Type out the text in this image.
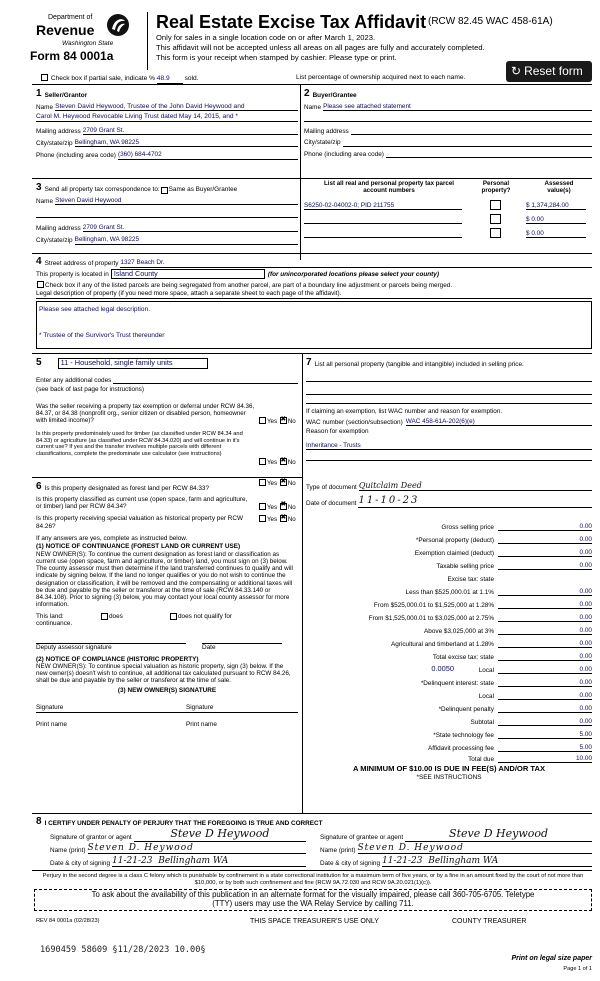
Department of
Revenue
Washington State
Form 84 0001a
Real Estate Excise Tax Affidavit (RCW 82.45 WAC 458-61A)
Only for sales in a single location code on or after March 1, 2023.
This affidavit will not be accepted unless all areas on all pages are fully and accurately completed.
This form is your receipt when stamped by cashier. Please type or print.
↻ Reset form
Check box if partial sale, indicate % 48.9 sold.	List percentage of ownership acquired next to each name.
1 Seller/Grantor
Name Steven David Heywood, Trustee of the John David Heywood and
Carol M. Heywood Revocable Living Trust dated May 14, 2015, and *
Mailing address 2709 Grant St.
City/state/zip Bellingham, WA 98225
Phone (including area code) (360) 684-4702
2 Buyer/Grantee
Name Please see attached statement
Mailing address
City/state/zip
Phone (including area code)
3 Send all property tax correspondence to: Same as Buyer/Grantee
Name Steven David Heywood
Mailing address 2709 Grant St.
City/state/zip Bellingham, WA 98225
List all real and personal property tax parcel account numbers
Personal property?
Assessed value(s)
S6250-02-04002-0; PID 211755	$ 1,374,284.00
$ 0.00
$ 0.00
4 Street address of property 1327 Beach Dr.
This property is located in Island County	(for unincorporated locations please select your county)
Check box if any of the listed parcels are being segregated from another parcel, are part of a boundary line adjustment or parcels being merged.
Legal description of property (if you need more space, attach a separate sheet to each page of the affidavit).
Please see attached legal description.
* Trustee of the Survivor's Trust thereunder
5	11 - Household, single family units
Enter any additional codes
(see back of last page for instructions)
Was the seller receiving a property tax exemption or deferral under RCW 84.36, 84.37, or 84.38 (nonprofit org., senior citizen or disabled person, homeowner with limited income)?	Yes ✖ No
Is this property predominately used for timber (as classified under RCW 84.34 and 84.33) or agriculture (as classified under RCW 84.34.020) and will continue in it's current use? If yes and the transfer involves multiple parcels with different classifications, complete the predominate use calculator (see instructions)
Yes ✖ No
6 Is this property designated as forest land per RCW 84.33?
Yes ✖ No
Is this property classified as current use (open space, farm and agriculture, or timber) land per RCW 84.34?	Yes ✖ No
Is this property receiving special valuation as historical property per RCW 84.26?
Yes ✖ No
If any answers are yes, complete as instructed below.
(1) NOTICE OF CONTINUANCE (FOREST LAND OR CURRENT USE)
NEW OWNER(S): To continue the current designation as forest land or classification as current use (open space, farm and agriculture, or timber) land, you must sign on (3) below. The county assessor must then determine if the land transferred continues to qualify and will indicate by signing below. If the land no longer qualifies or you do not wish to continue the designation or classification, it will be removed and the compensating or additional taxes will be due and payable by the seller or transferor at the time of sale (RCW 84.33.140 or 84.34.108). Prior to signing (3) below, you may contact your local county assessor for more information.
This land:	does	does not qualify for
continuance.
Deputy assessor signature	Date
(2) NOTICE OF COMPLIANCE (HISTORIC PROPERTY)
NEW OWNER(S): To continue special valuation as historic property, sign (3) below. If the new owner(s) doesn't wish to continue, all additional tax calculated pursuant to RCW 84.26, shall be due and payable by the seller or transferor at the time of sale.
(3) NEW OWNER(S) SIGNATURE
Signature	Signature
Print name	Print name
7 List all personal property (tangible and intangible) included in selling price.
If claiming an exemption, list WAC number and reason for exemption.
WAC number (section/subsection) WAC 458-61A-202(6)(e)
Reason for exemption
Inheritance - Trusts
Type of document Quitclaim Deed
Date of document 11-10-23
Gross selling price	0.00
*Personal property (deduct)	0.00
Exemption claimed (deduct)	0.00
Taxable selling price	0.00
Excise tax: state
Less than $525,000.01 at 1.1%	0.00
From $525,000.01 to $1,525,000 at 1.28%	0.00
From $1,525,000.01 to $3,025,000 at 2.75%	0.00
Above $3,025,000 at 3%	0.00
Agricultural and timberland at 1.28%	0.00
Total excise tax: state	0.00
0.0050	Local	0.00
*Delinquent interest: state	0.00
Local	0.00
*Delinquent penalty	0.00
Subtotal	0.00
*State technology fee	5.00
Affidavit processing fee	5.00
Total due	10.00
A MINIMUM OF $10.00 IS DUE IN FEE(S) AND/OR TAX
*SEE INSTRUCTIONS
8 I CERTIFY UNDER PENALTY OF PERJURY THAT THE FOREGOING IS TRUE AND CORRECT
Signature of grantor or agent	Steve D Heywood
Name (print) Steven D. Heywood
Date & city of signing 11-21-23 Bellingham WA
Signature of grantee or agent	Steve D Heywood
Name (print) Steven D. Heywood
Date & city of signing 11-21-23 Bellingham WA
Perjury in the second degree is a class C felony which is punishable by confinement in a state correctional institution for a maximum term of five years, or by a fine in an amount fixed by the court of not more than $10,000, or by both such confinement and fine (RCW 9A.72.030 and RCW 9A.20.021(1)(c)).
To ask about the availability of this publication in an alternate format for the visually impaired, please call 360-705-6705. Teletype
(TTY) users may use the WA Relay Service by calling 711.
REV 84 0001a (02/28/23)	THIS SPACE TREASURER'S USE ONLY	COUNTY TREASURER
1690459 58609 §11/28/2023 10.00§
Print on legal size paper
Page 1 of 1
